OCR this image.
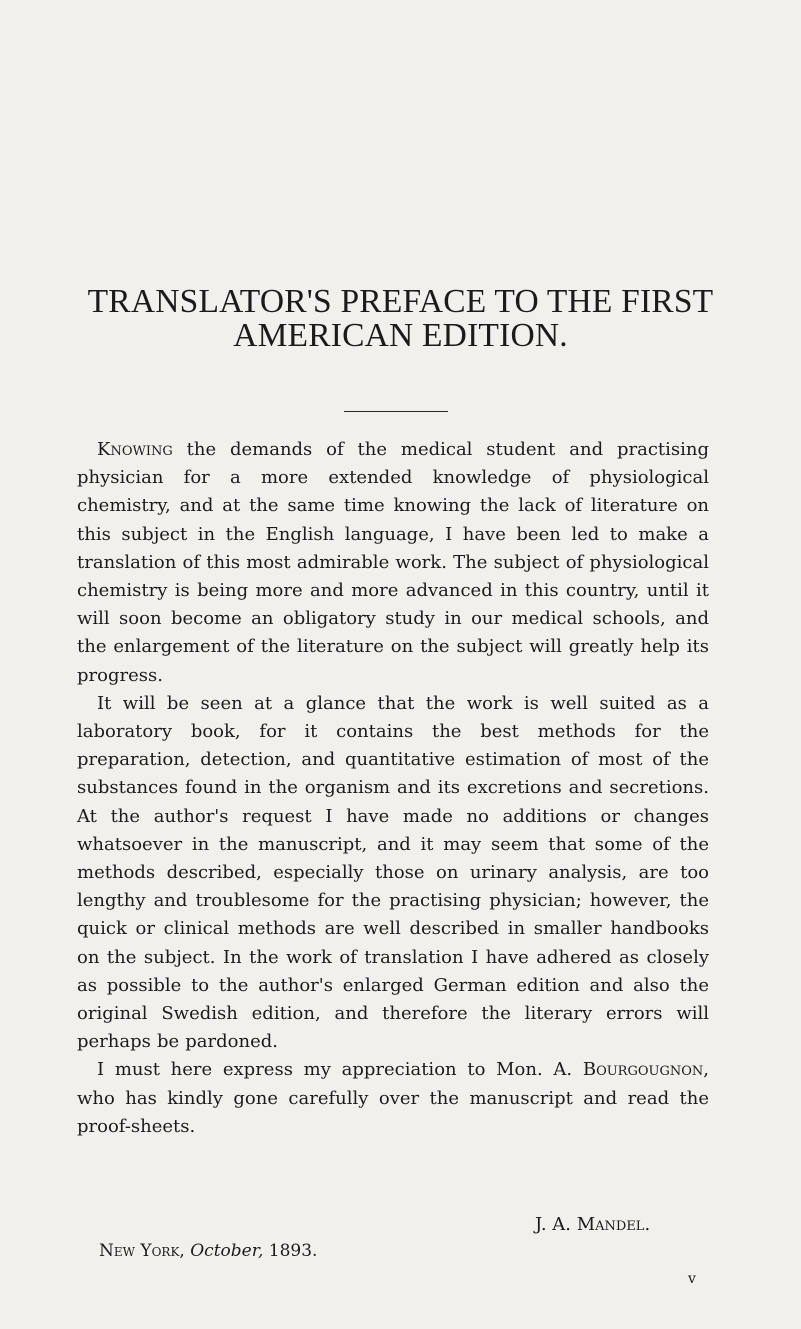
TRANSLATOR'S PREFACE TO THE FIRST
AMERICAN EDITION.

Knowing the demands of the medical student and practising physician for a more extended knowledge of physiological chemistry, and at the same time knowing the lack of literature on this subject in the English language, I have been led to make a translation of this most admirable work. The subject of physiological chemistry is being more and more advanced in this country, until it will soon become an obligatory study in our medical schools, and the enlargement of the literature on the subject will greatly help its progress.

It will be seen at a glance that the work is well suited as a laboratory book, for it contains the best methods for the preparation, detection, and quantitative estimation of most of the substances found in the organism and its excretions and secretions. At the author's request I have made no additions or changes whatsoever in the manuscript, and it may seem that some of the methods described, especially those on urinary analysis, are too lengthy and troublesome for the practising physician; however, the quick or clinical methods are well described in smaller handbooks on the subject. In the work of translation I have adhered as closely as possible to the author's enlarged German edition and also the original Swedish edition, and therefore the literary errors will perhaps be pardoned.

I must here express my appreciation to Mon. A. Bourgougnon, who has kindly gone carefully over the manuscript and read the proof-sheets.

J. A. Mandel.
New York, October, 1893.
v
